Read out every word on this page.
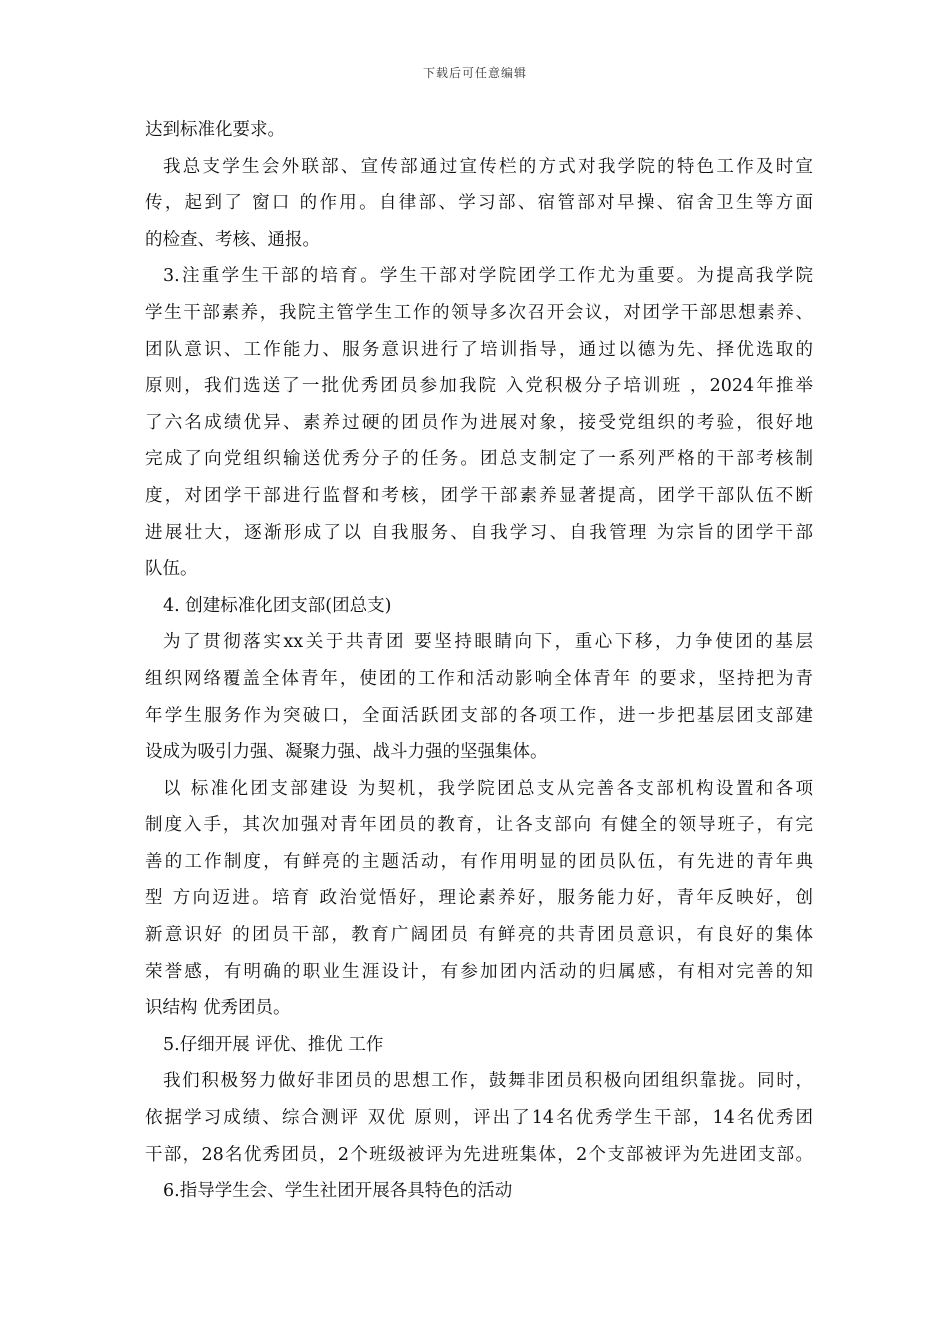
下载后可任意编辑
达到标准化要求。
我总支学生会外联部、宣传部通过宣传栏的方式对我学院的特色工作及时宣
传，起到了 窗口 的作用。自律部、学习部、宿管部对早操、宿舍卫生等方面
的检查、考核、通报。
3.注重学生干部的培育。学生干部对学院团学工作尤为重要。为提高我学院
学生干部素养，我院主管学生工作的领导多次召开会议，对团学干部思想素养、
团队意识、工作能力、服务意识进行了培训指导，通过以德为先、择优选取的
原则，我们选送了一批优秀团员参加我院 入党积极分子培训班 ，2024年推举
了六名成绩优异、素养过硬的团员作为进展对象，接受党组织的考验，很好地
完成了向党组织输送优秀分子的任务。团总支制定了一系列严格的干部考核制
度，对团学干部进行监督和考核，团学干部素养显著提高，团学干部队伍不断
进展壮大，逐渐形成了以 自我服务、自我学习、自我管理 为宗旨的团学干部
队伍。
4. 创建标准化团支部(团总支)
为了贯彻落实xx关于共青团 要坚持眼睛向下，重心下移，力争使团的基层
组织网络覆盖全体青年，使团的工作和活动影响全体青年 的要求，坚持把为青
年学生服务作为突破口，全面活跃团支部的各项工作，进一步把基层团支部建
设成为吸引力强、凝聚力强、战斗力强的坚强集体。
以 标准化团支部建设 为契机，我学院团总支从完善各支部机构设置和各项
制度入手，其次加强对青年团员的教育，让各支部向 有健全的领导班子，有完
善的工作制度，有鲜亮的主题活动，有作用明显的团员队伍，有先进的青年典
型 方向迈进。培育 政治觉悟好，理论素养好，服务能力好，青年反映好，创
新意识好 的团员干部，教育广阔团员 有鲜亮的共青团员意识，有良好的集体
荣誉感，有明确的职业生涯设计，有参加团内活动的归属感，有相对完善的知
识结构 优秀团员。
5.仔细开展 评优、推优 工作
我们积极努力做好非团员的思想工作，鼓舞非团员积极向团组织靠拢。同时，
依据学习成绩、综合测评 双优 原则，评出了14名优秀学生干部，14名优秀团
干部，28名优秀团员，2个班级被评为先进班集体，2个支部被评为先进团支部。
6.指导学生会、学生社团开展各具特色的活动
